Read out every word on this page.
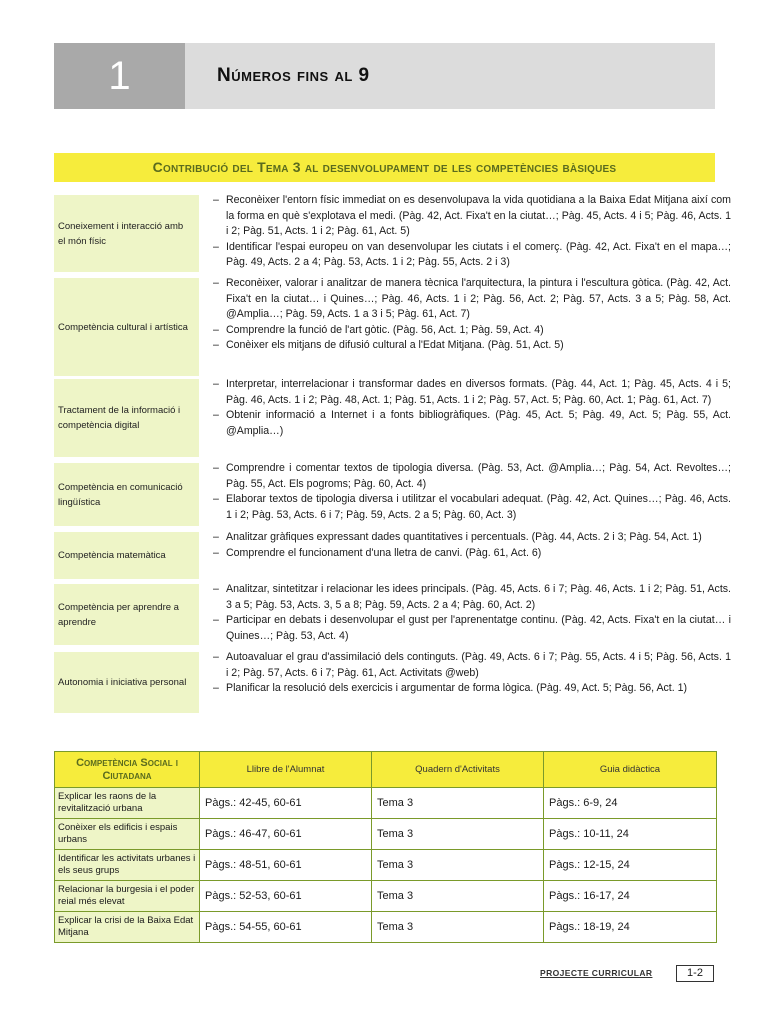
1	Números fins al 9
Contribució del Tema 3 al desenvolupament de les competències bàsiques
Coneixement i interacció amb el món físic
– Reconèixer l'entorn físic immediat on es desenvolupava la vida quotidiana a la Baixa Edat Mitjana així com la forma en què s'explotava el medi. (Pàg. 42, Act. Fixa't en la ciutat…; Pàg. 45, Acts. 4 i 5; Pàg. 46, Acts. 1 i 2; Pàg. 51, Acts. 1 i 2; Pàg. 61, Act. 5)
– Identificar l'espai europeu on van desenvolupar les ciutats i el comerç. (Pàg. 42, Act. Fixa't en el mapa…; Pàg. 49, Acts. 2 a 4; Pàg. 53, Acts. 1 i 2; Pàg. 55, Acts. 2 i 3)
Competència cultural i artística
– Reconèixer, valorar i analitzar de manera tècnica l'arquitectura, la pintura i l'escultura gòtica. (Pàg. 42, Act. Fixa't en la ciutat… i Quines…; Pàg. 46, Acts. 1 i 2; Pàg. 56, Act. 2; Pàg. 57, Acts. 3 a 5; Pàg. 58, Act. @Amplia…; Pàg. 59, Acts. 1 a 3 i 5; Pàg. 61, Act. 7)
– Comprendre la funció de l'art gòtic. (Pàg. 56, Act. 1; Pàg. 59, Act. 4)
– Conèixer els mitjans de difusió cultural a l'Edat Mitjana. (Pàg. 51, Act. 5)
Tractament de la informació i competència digital
– Interpretar, interrelacionar i transformar dades en diversos formats. (Pàg. 44, Act. 1; Pàg. 45, Acts. 4 i 5; Pàg. 46, Acts. 1 i 2; Pàg. 48, Act. 1; Pàg. 51, Acts. 1 i 2; Pàg. 57, Act. 5; Pàg. 60, Act. 1; Pàg. 61, Act. 7)
– Obtenir informació a Internet i a fonts bibliogràfiques. (Pàg. 45, Act. 5; Pàg. 49, Act. 5; Pàg. 55, Act. @Amplia…)
Competència en comunicació lingüística
– Comprendre i comentar textos de tipologia diversa. (Pàg. 53, Act. @Amplia…; Pàg. 54, Act. Revoltes…; Pàg. 55, Act. Els pogroms; Pàg. 60, Act. 4)
– Elaborar textos de tipologia diversa i utilitzar el vocabulari adequat. (Pàg. 42, Act. Quines…; Pàg. 46, Acts. 1 i 2; Pàg. 53, Acts. 6 i 7; Pàg. 59, Acts. 2 a 5; Pàg. 60, Act. 3)
Competència matemàtica
– Analitzar gràfiques expressant dades quantitatives i percentuals. (Pàg. 44, Acts. 2 i 3; Pàg. 54, Act. 1)
– Comprendre el funcionament d'una lletra de canvi. (Pàg. 61, Act. 6)
Competència per aprendre a aprendre
– Analitzar, sintetitzar i relacionar les idees principals. (Pàg. 45, Acts. 6 i 7; Pàg. 46, Acts. 1 i 2; Pàg. 51, Acts. 3 a 5; Pàg. 53, Acts. 3, 5 a 8; Pàg. 59, Acts. 2 a 4; Pàg. 60, Act. 2)
– Participar en debats i desenvolupar el gust per l'aprenentatge continu. (Pàg. 42, Acts. Fixa't en la ciutat… i Quines…; Pàg. 53, Act. 4)
Autonomia i iniciativa personal
– Autoavaluar el grau d'assimilació dels continguts. (Pàg. 49, Acts. 6 i 7; Pàg. 55, Acts. 4 i 5; Pàg. 56, Acts. 1 i 2; Pàg. 57, Acts. 6 i 7; Pàg. 61, Act. Activitats @web)
– Planificar la resolució dels exercicis i argumentar de forma lògica. (Pàg. 49, Act. 5; Pàg. 56, Act. 1)
Competència Social i Ciutadana	Llibre de l'Alumnat	Quadern d'Activitats	Guia didàctica
Explicar les raons de la revitalització urbana	Pàgs.: 42-45, 60-61	Tema 3	Pàgs.: 6-9, 24
Conèixer els edificis i espais urbans	Pàgs.: 46-47, 60-61	Tema 3	Pàgs.: 10-11, 24
Identificar les activitats urbanes i els seus grups	Pàgs.: 48-51, 60-61	Tema 3	Pàgs.: 12-15, 24
Relacionar la burgesia i el poder reial més elevat	Pàgs.: 52-53, 60-61	Tema 3	Pàgs.: 16-17, 24
Explicar la crisi de la Baixa Edat Mitjana	Pàgs.: 54-55, 60-61	Tema 3	Pàgs.: 18-19, 24
PROJECTE CURRICULAR	1-2
